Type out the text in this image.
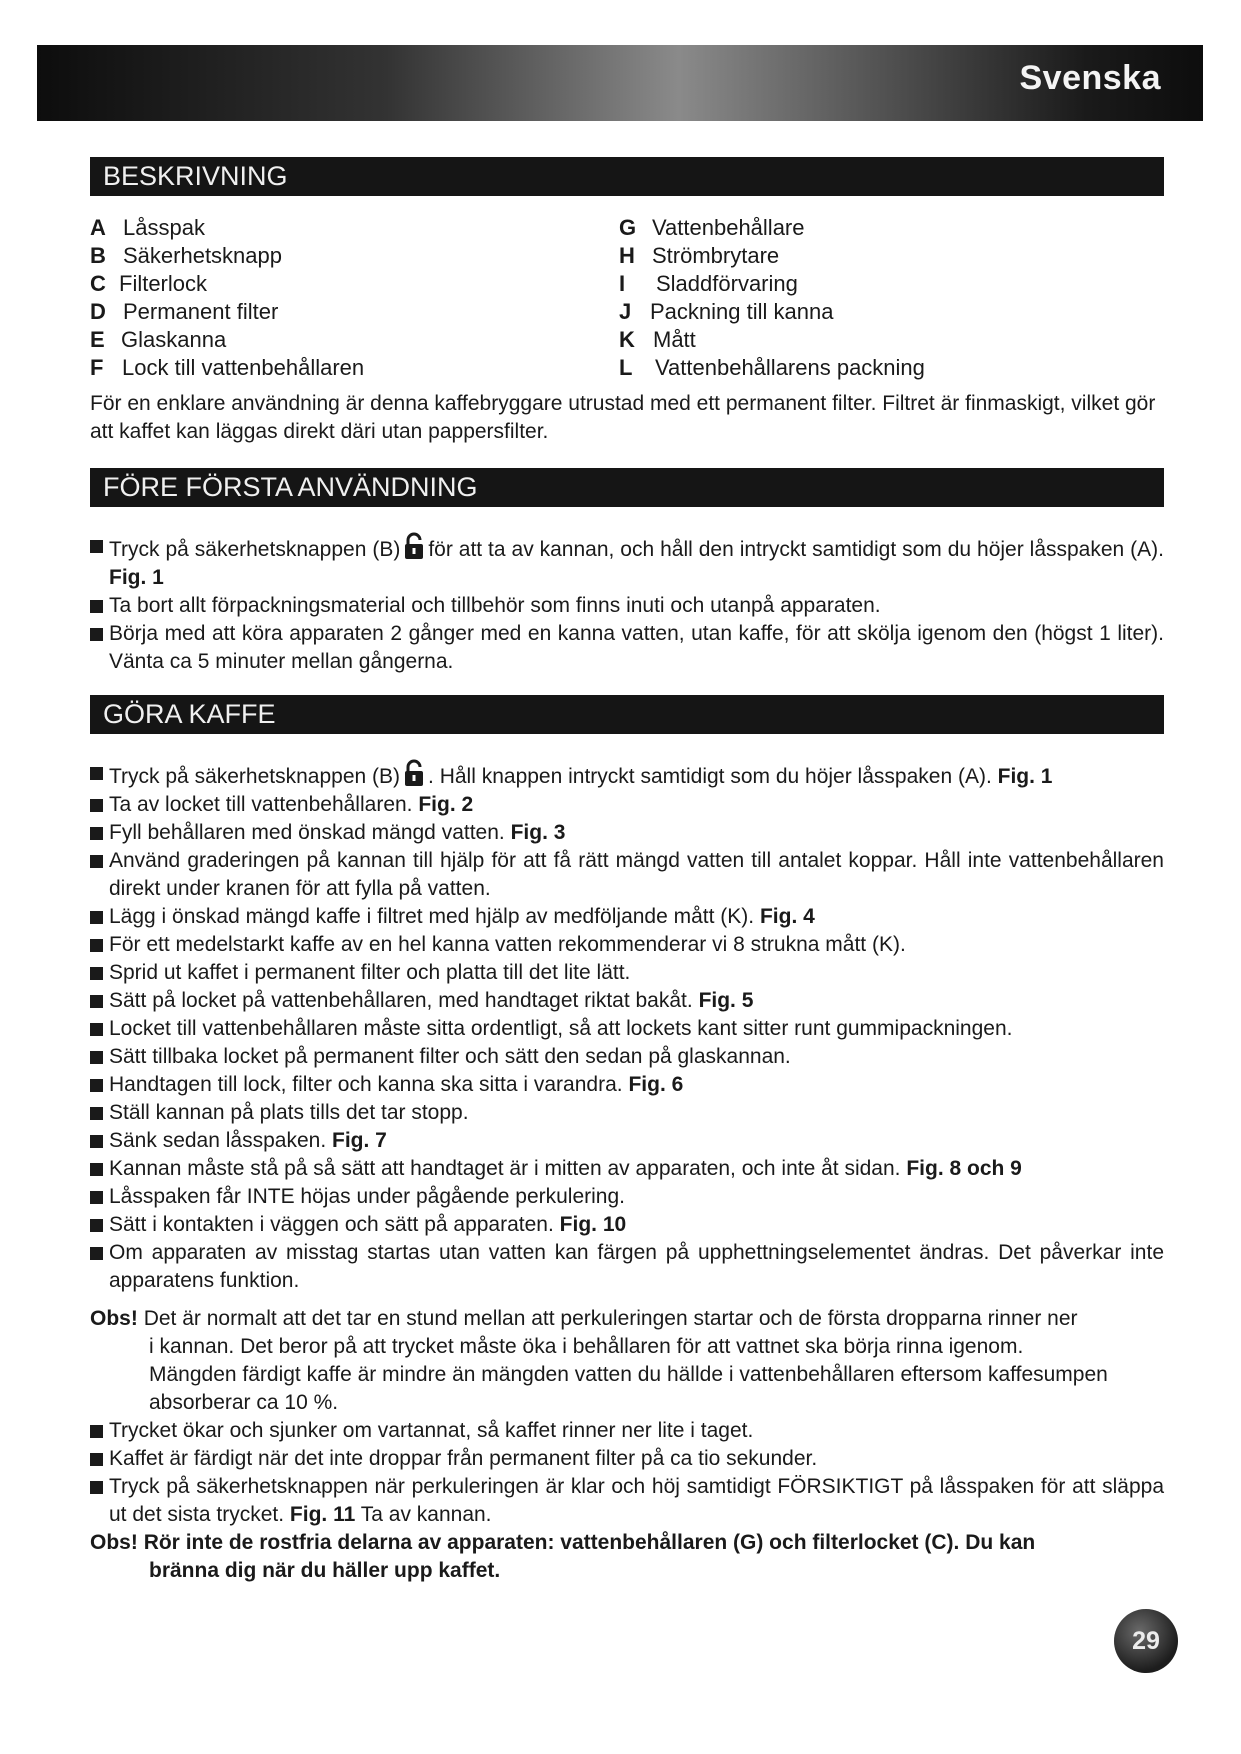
Svenska
BESKRIVNING
A Låsspak
B Säkerhetsknapp
C Filterlock
D Permanent filter
E Glaskanna
F Lock till vattenbehållaren
G Vattenbehållare
H Strömbrytare
I Sladdförvaring
J Packning till kanna
K Mått
L Vattenbehållarens packning
För en enklare användning är denna kaffebryggare utrustad med ett permanent filter. Filtret är finmaskigt, vilket gör att kaffet kan läggas direkt däri utan pappersfilter.
FÖRE FÖRSTA ANVÄNDNING
Tryck på säkerhetsknappen (B) för att ta av kannan, och håll den intryckt samtidigt som du höjer låsspaken (A). Fig. 1
Ta bort allt förpackningsmaterial och tillbehör som finns inuti och utanpå apparaten.
Börja med att köra apparaten 2 gånger med en kanna vatten, utan kaffe, för att skölja igenom den (högst 1 liter). Vänta ca 5 minuter mellan gångerna.
GÖRA KAFFE
Tryck på säkerhetsknappen (B) . Håll knappen intryckt samtidigt som du höjer låsspaken (A). Fig. 1
Ta av locket till vattenbehållaren. Fig. 2
Fyll behållaren med önskad mängd vatten. Fig. 3
Använd graderingen på kannan till hjälp för att få rätt mängd vatten till antalet koppar. Håll inte vattenbehållaren direkt under kranen för att fylla på vatten.
Lägg i önskad mängd kaffe i filtret med hjälp av medföljande mått (K). Fig. 4
För ett medelstarkt kaffe av en hel kanna vatten rekommenderar vi 8 strukna mått (K).
Sprid ut kaffet i permanent filter och platta till det lite lätt.
Sätt på locket på vattenbehållaren, med handtaget riktat bakåt. Fig. 5
Locket till vattenbehållaren måste sitta ordentligt, så att lockets kant sitter runt gummipackningen.
Sätt tillbaka locket på permanent filter och sätt den sedan på glaskannan.
Handtagen till lock, filter och kanna ska sitta i varandra. Fig. 6
Ställ kannan på plats tills det tar stopp.
Sänk sedan låsspaken. Fig. 7
Kannan måste stå på så sätt att handtaget är i mitten av apparaten, och inte åt sidan. Fig. 8 och 9
Låsspaken får INTE höjas under pågående perkulering.
Sätt i kontakten i väggen och sätt på apparaten. Fig. 10
Om apparaten av misstag startas utan vatten kan färgen på upphettningselementet ändras. Det påverkar inte apparatens funktion.
Obs! Det är normalt att det tar en stund mellan att perkuleringen startar och de första dropparna rinner ner
i kannan. Det beror på att trycket måste öka i behållaren för att vattnet ska börja rinna igenom.
Mängden färdigt kaffe är mindre än mängden vatten du hällde i vattenbehållaren eftersom kaffesumpen
absorberar ca 10 %.
Trycket ökar och sjunker om vartannat, så kaffet rinner ner lite i taget.
Kaffet är färdigt när det inte droppar från permanent filter på ca tio sekunder.
Tryck på säkerhetsknappen när perkuleringen är klar och höj samtidigt FÖRSIKTIGT på låsspaken för att släppa ut det sista trycket. Fig. 11 Ta av kannan.
Obs! Rör inte de rostfria delarna av apparaten: vattenbehållaren (G) och filterlocket (C). Du kan
bränna dig när du häller upp kaffet.
29
